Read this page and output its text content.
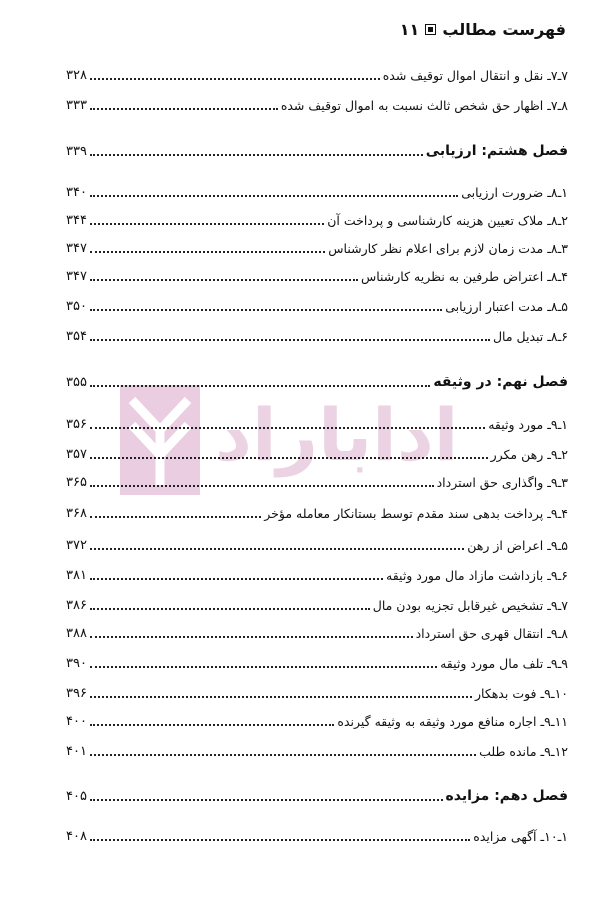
فهرست مطالب
۱۱
اداباراد
۷ـ۷ـ نقل و انتقال اموال توقیف شده
۳۲۸
۸ـ۷ـ اظهار حق شخص ثالث نسبت به اموال توقیف شده
۳۳۳
فصل هشتم: ارزیابی
۳۳۹
۱ـ۸ـ ضرورت ارزیابی
۳۴۰
۲ـ۸ـ ملاک تعیین هزینه کارشناسی و پرداخت آن
۳۴۴
۳ـ۸ـ مدت زمان لازم برای اعلام نظر کارشناس
۳۴۷
۴ـ۸ـ اعتراض طرفین به نظریه کارشناس
۳۴۷
۵ـ۸ـ مدت اعتبار ارزیابی
۳۵۰
۶ـ۸ـ تبدیل مال
۳۵۴
فصل نهم: در وثیقه
۳۵۵
۱ـ۹ـ مورد وثیقه
۳۵۶
۲ـ۹ـ رهن مکرر
۳۵۷
۳ـ۹ـ واگذاری حق استرداد
۳۶۵
۴ـ۹ـ پرداخت بدهی سند مقدم توسط بستانکار معامله مؤخر
۳۶۸
۵ـ۹ـ اعراض از رهن
۳۷۲
۶ـ۹ـ بازداشت مازاد مال مورد وثیقه
۳۸۱
۷ـ۹ـ تشخیص غیرقابل تجزیه بودن مال
۳۸۶
۸ـ۹ـ انتقال قهری حق استرداد
۳۸۸
۹ـ۹ـ تلف مال مورد وثیقه
۳۹۰
۱۰ـ۹ـ فوت بدهکار
۳۹۶
۱۱ـ۹ـ اجاره منافع مورد وثیقه به وثیقه گیرنده
۴۰۰
۱۲ـ۹ـ مانده طلب
۴۰۱
فصل دهم: مزایده
۴۰۵
۱ـ۱۰ـ آگهی مزایده
۴۰۸
